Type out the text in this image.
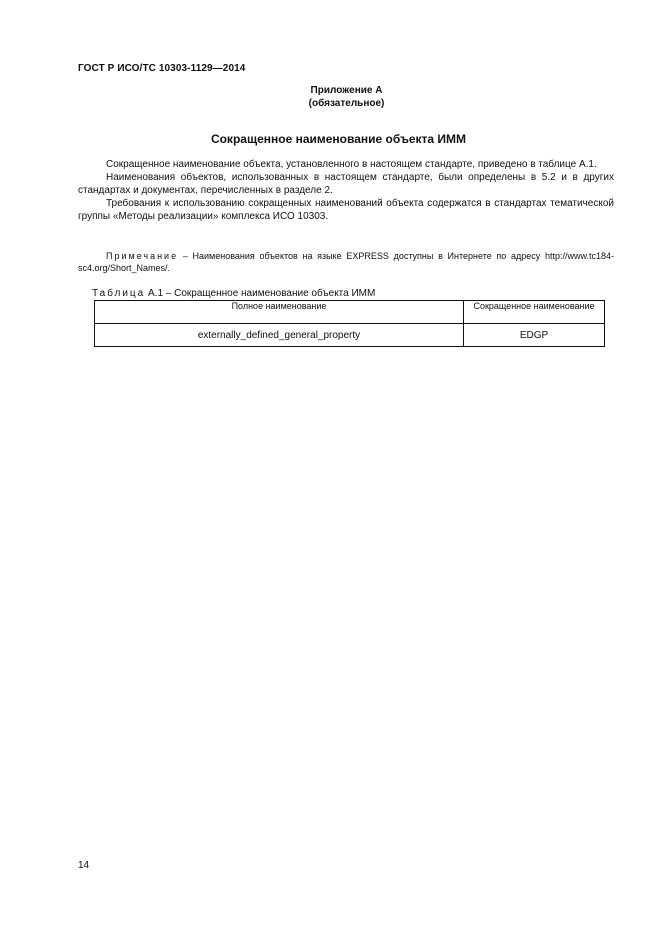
ГОСТ Р ИСО/ТС 10303-1129—2014
Приложение А
(обязательное)
Сокращенное наименование объекта ИММ

Сокращенное наименование объекта, установленного в настоящем стандарте, приведено в таблице А.1.

Наименования объектов, использованных в настоящем стандарте, были определены в 5.2 и в других стандартах и документах, перечисленных в разделе 2.

Требования к использованию сокращенных наименований объекта содержатся в стандартах тематической группы «Методы реализации» комплекса ИСО 10303.

Примечание – Наименования объектов на языке EXPRESS доступны в Интернете по адресу http://www.tc184-sc4.org/Short_Names/.

Таблица А.1 – Сокращенное наименование объекта ИММ
Полное наименование	Сокращенное наименование
externally_defined_general_property	EDGP
14
